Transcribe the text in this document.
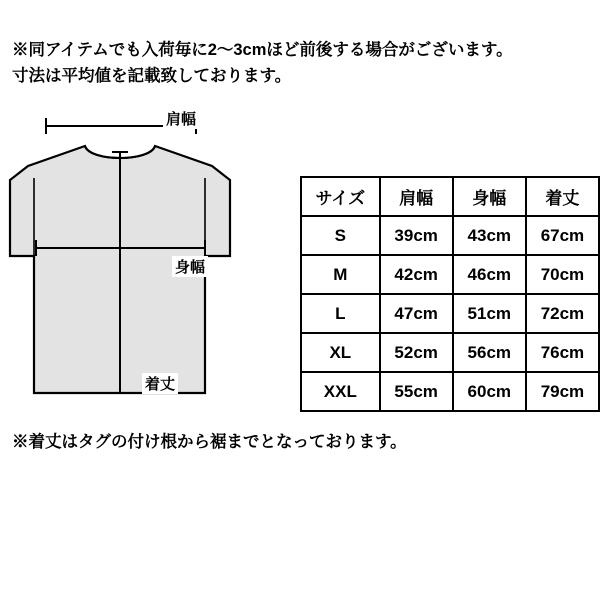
※同アイテムでも入荷毎に2～3cmほど前後する場合がございます。
寸法は平均値を記載致しております。
肩幅
身幅
着丈
サイズ	肩幅	身幅	着丈
S	39cm	43cm	67cm
M	42cm	46cm	70cm
L	47cm	51cm	72cm
XL	52cm	56cm	76cm
XXL	55cm	60cm	79cm
※着丈はタグの付け根から裾までとなっております。
